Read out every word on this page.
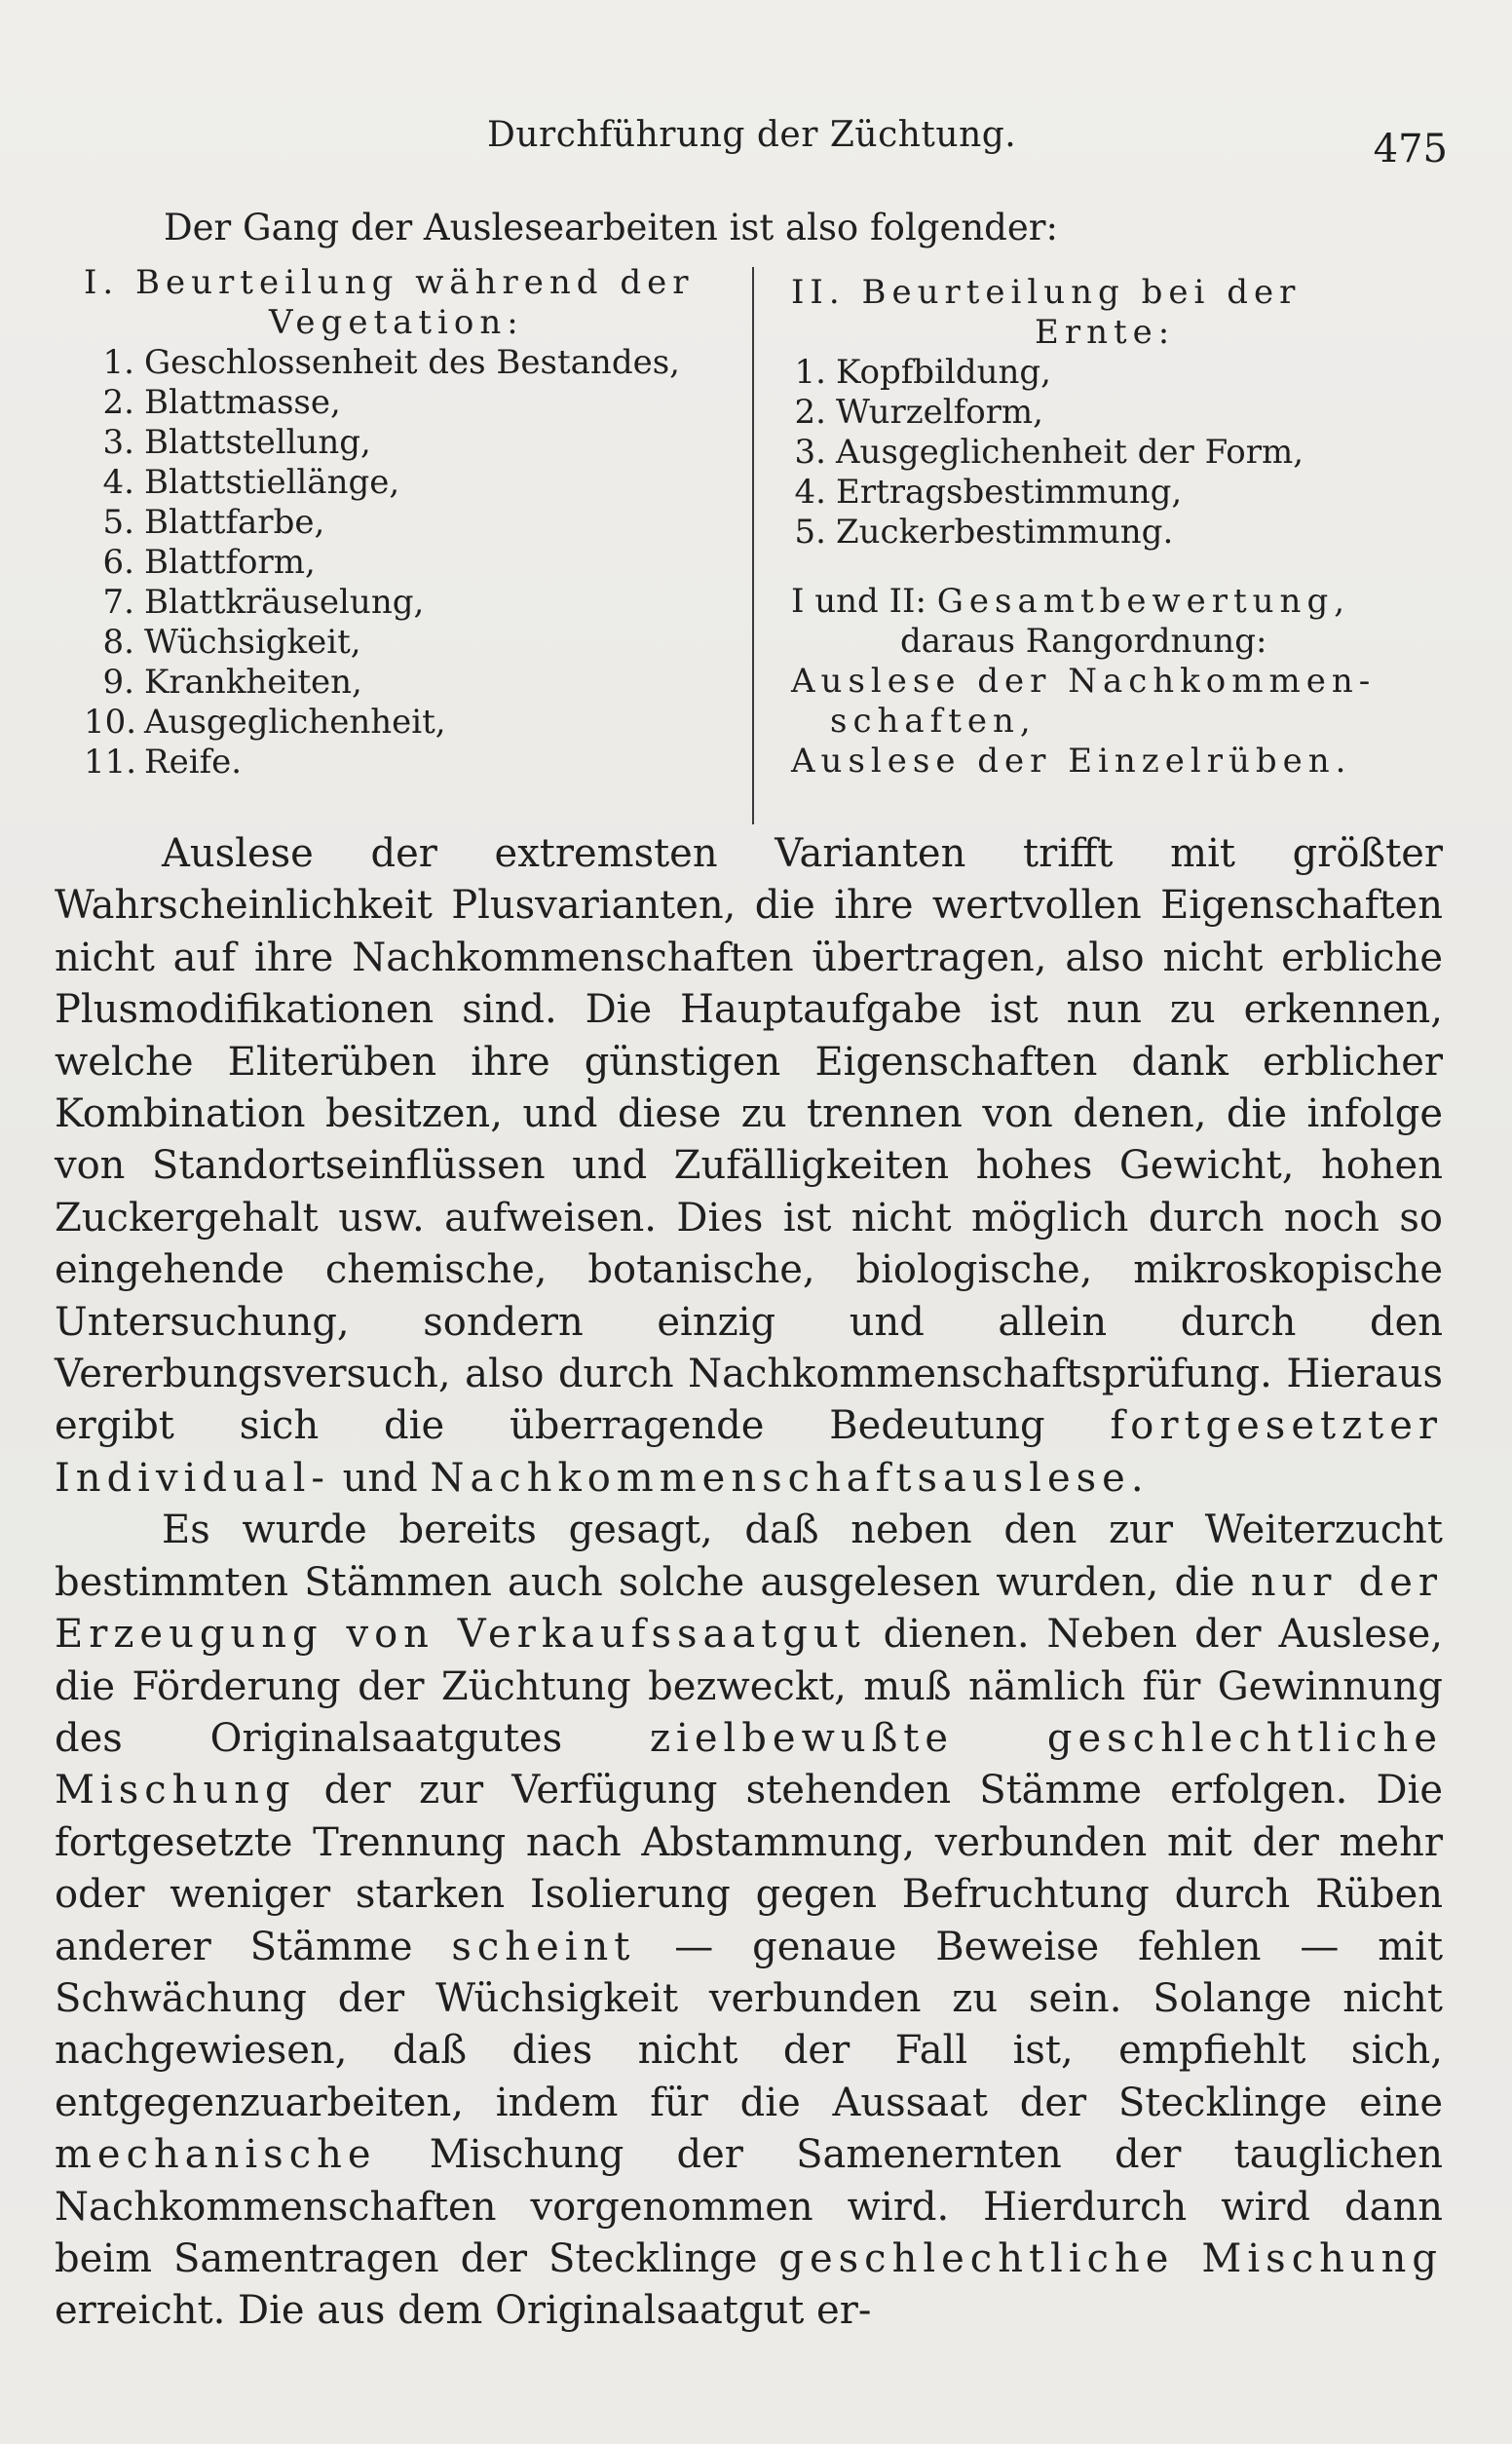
Durchführung der Züchtung.	475
Der Gang der Auslesearbeiten ist also folgender:
I. Beurteilung während der
Vegetation:
1. Geschlossenheit des Bestandes,
2. Blattmasse,
3. Blattstellung,
4. Blattstiellänge,
5. Blattfarbe,
6. Blattform,
7. Blattkräuselung,
8. Wüchsigkeit,
9. Krankheiten,
10. Ausgeglichenheit,
11. Reife.
II. Beurteilung bei der
Ernte:
1. Kopfbildung,
2. Wurzelform,
3. Ausgeglichenheit der Form,
4. Ertragsbestimmung,
5. Zuckerbestimmung.
I und II: Gesamtbewertung,
daraus Rangordnung:
Auslese der Nachkommen-
schaften,
Auslese der Einzelrüben.

Auslese der extremsten Varianten trifft mit größter Wahrscheinlichkeit Plusvarianten, die ihre wertvollen Eigenschaften nicht auf ihre Nachkommenschaften übertragen, also nicht erbliche Plusmodifikationen sind. Die Hauptaufgabe ist nun zu erkennen, welche Eliterüben ihre günstigen Eigenschaften dank erblicher Kombination besitzen, und diese zu trennen von denen, die infolge von Standortseinflüssen und Zufälligkeiten hohes Gewicht, hohen Zuckergehalt usw. aufweisen. Dies ist nicht möglich durch noch so eingehende chemische, botanische, biologische, mikroskopische Untersuchung, sondern einzig und allein durch den Vererbungsversuch, also durch Nachkommenschaftsprüfung. Hieraus ergibt sich die überragende Bedeutung fortgesetzter Individual- und Nachkommenschaftsauslese.

Es wurde bereits gesagt, daß neben den zur Weiterzucht bestimmten Stämmen auch solche ausgelesen wurden, die nur der Erzeugung von Verkaufssaatgut dienen. Neben der Auslese, die Förderung der Züchtung bezweckt, muß nämlich für Gewinnung des Originalsaatgutes zielbewußte geschlechtliche Mischung der zur Verfügung stehenden Stämme erfolgen. Die fortgesetzte Trennung nach Abstammung, verbunden mit der mehr oder weniger starken Isolierung gegen Befruchtung durch Rüben anderer Stämme scheint — genaue Beweise fehlen — mit Schwächung der Wüchsigkeit verbunden zu sein. Solange nicht nachgewiesen, daß dies nicht der Fall ist, empfiehlt sich, entgegenzuarbeiten, indem für die Aussaat der Stecklinge eine mechanische Mischung der Samenernten der tauglichen Nachkommenschaften vorgenommen wird. Hierdurch wird dann beim Samentragen der Stecklinge geschlechtliche Mischung erreicht. Die aus dem Originalsaatgut er-
